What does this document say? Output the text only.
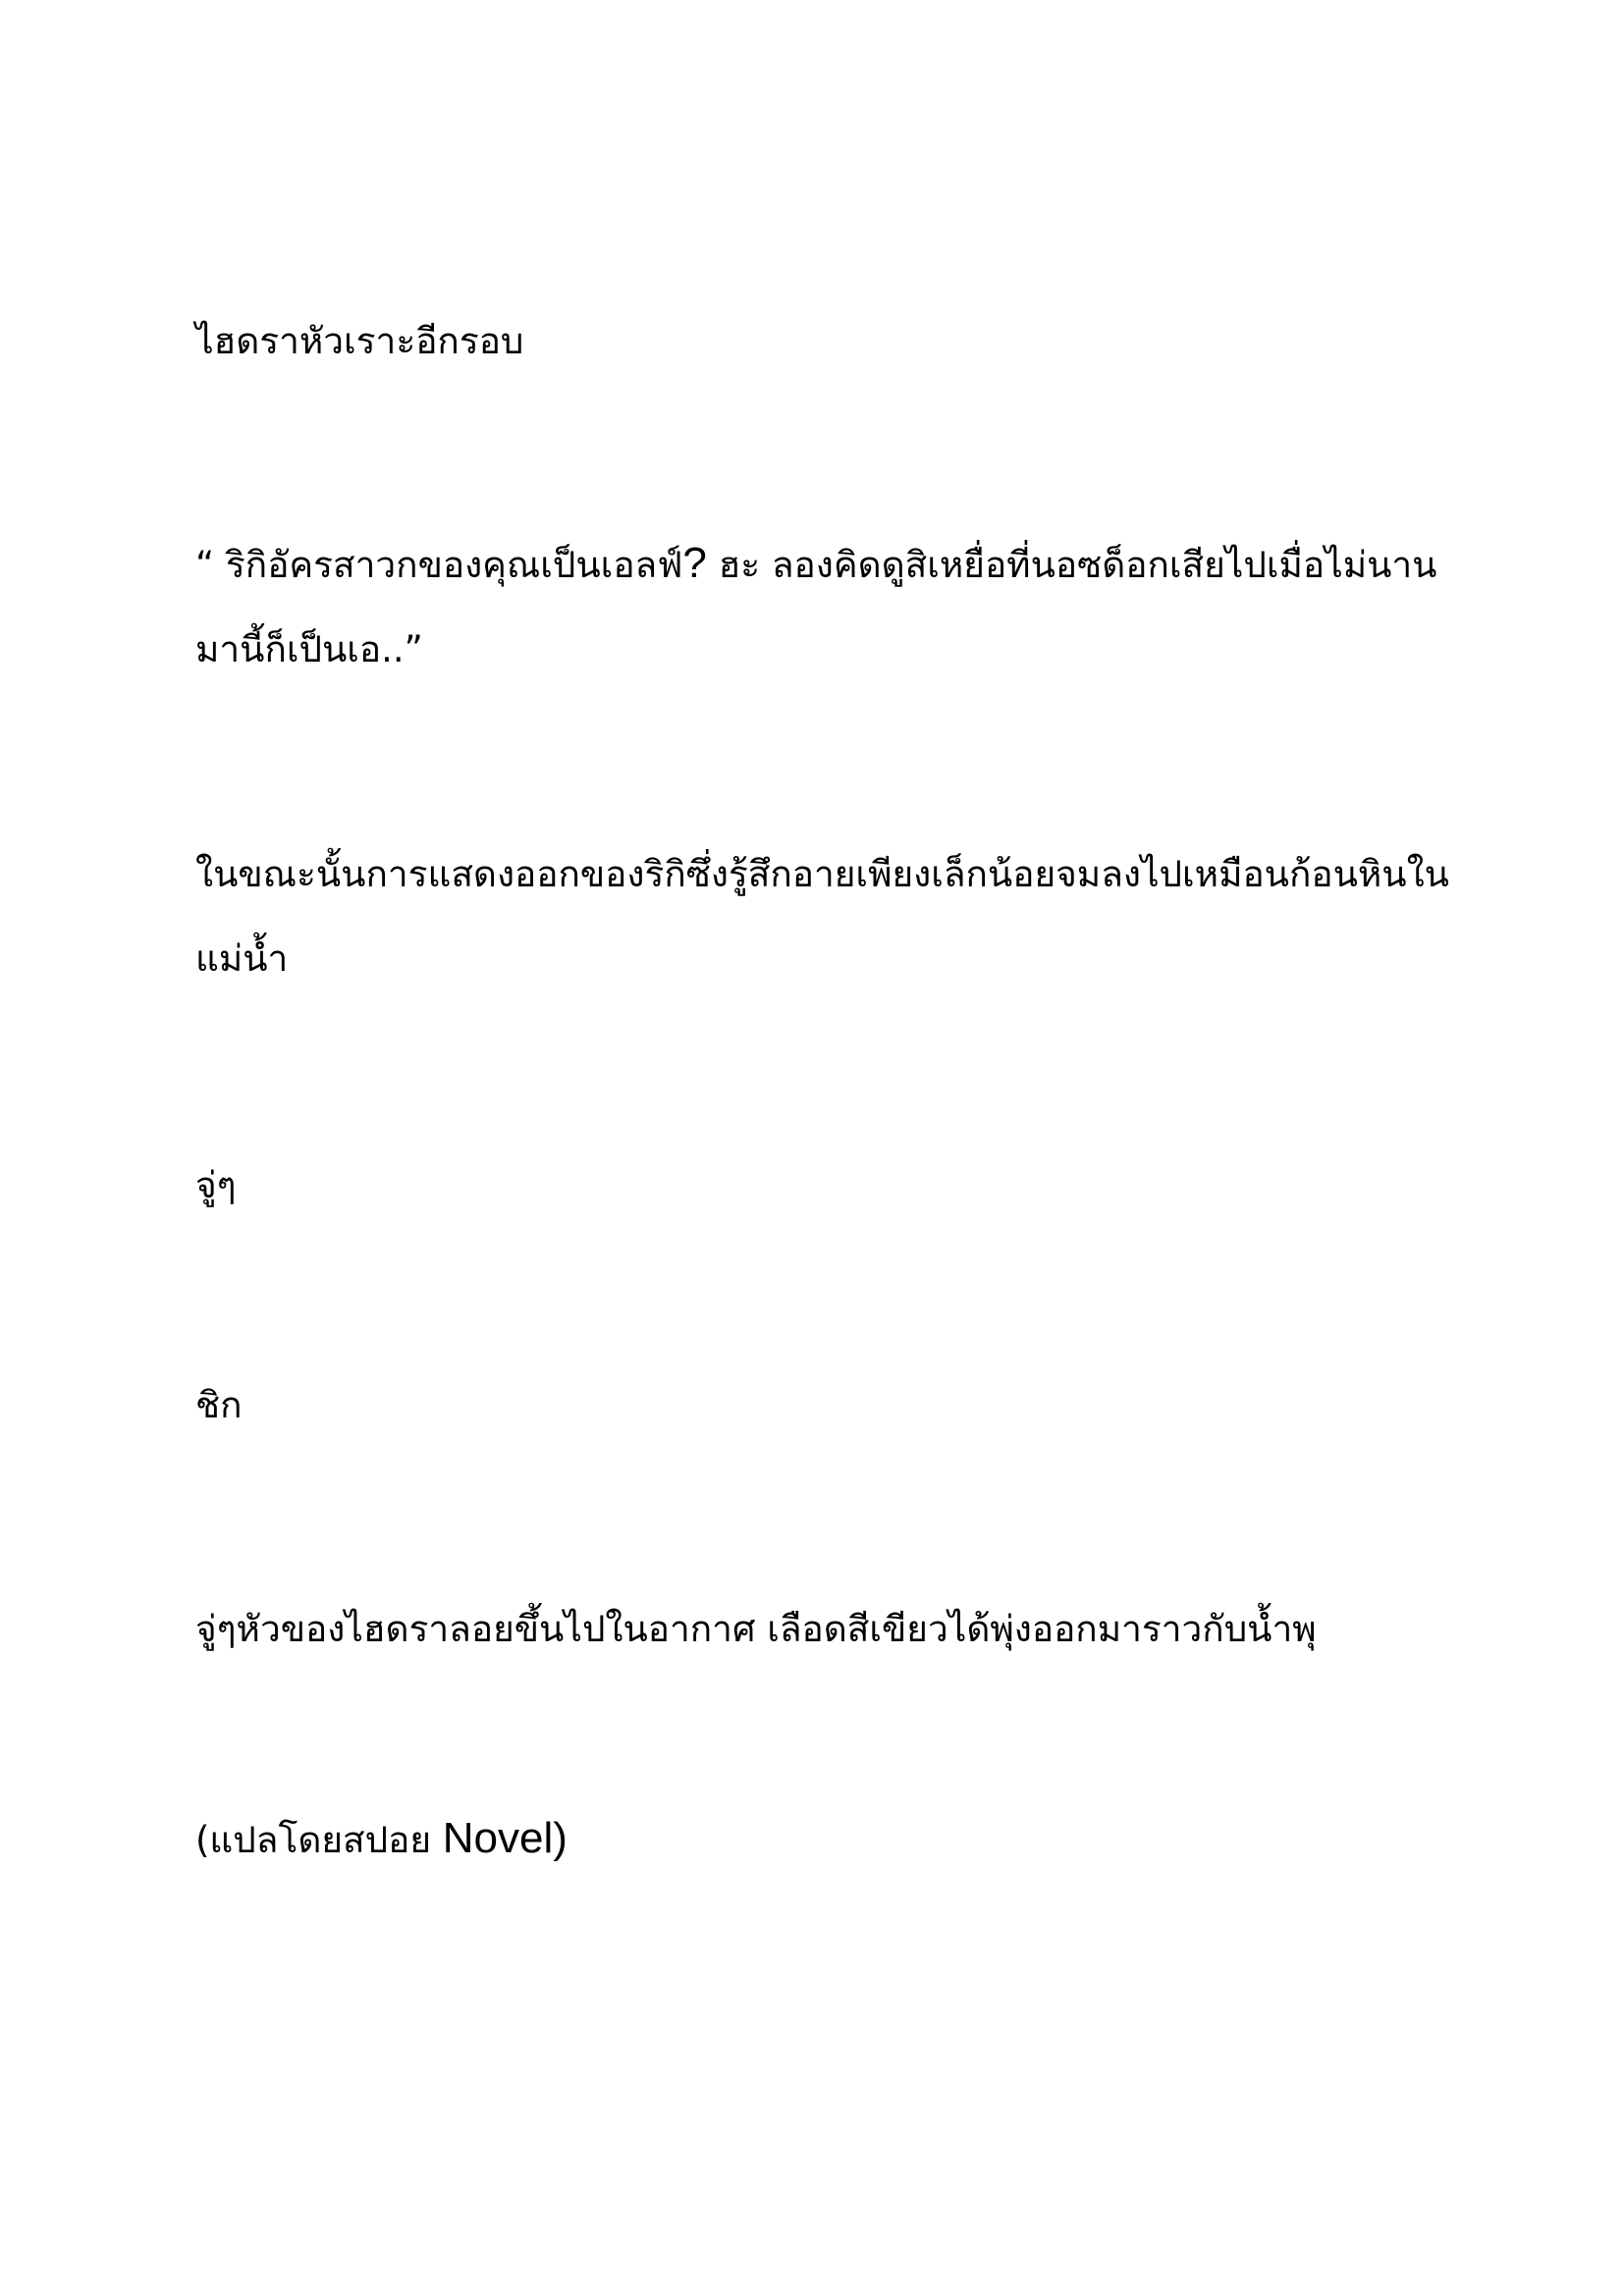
ไฮดราหัวเราะอีกรอบ

“ ริกิอัครสาวกของคุณเป็นเอลฟ์? ฮะ ลองคิดดูสิเหยื่อที่นอซด็อกเสียไปเมื่อไม่นานมานี้ก็เป็นเอ..”

ในขณะนั้นการแสดงออกของริกิซึ่งรู้สึกอายเพียงเล็กน้อยจมลงไปเหมือนก้อนหินในแม่น้ำ

จู่ๆ

ชิก

จู่ๆหัวของไฮดราลอยขึ้นไปในอากาศ เลือดสีเขียวได้พุ่งออกมาราวกับน้ำพุ

(แปลโดยสปอย Novel)
